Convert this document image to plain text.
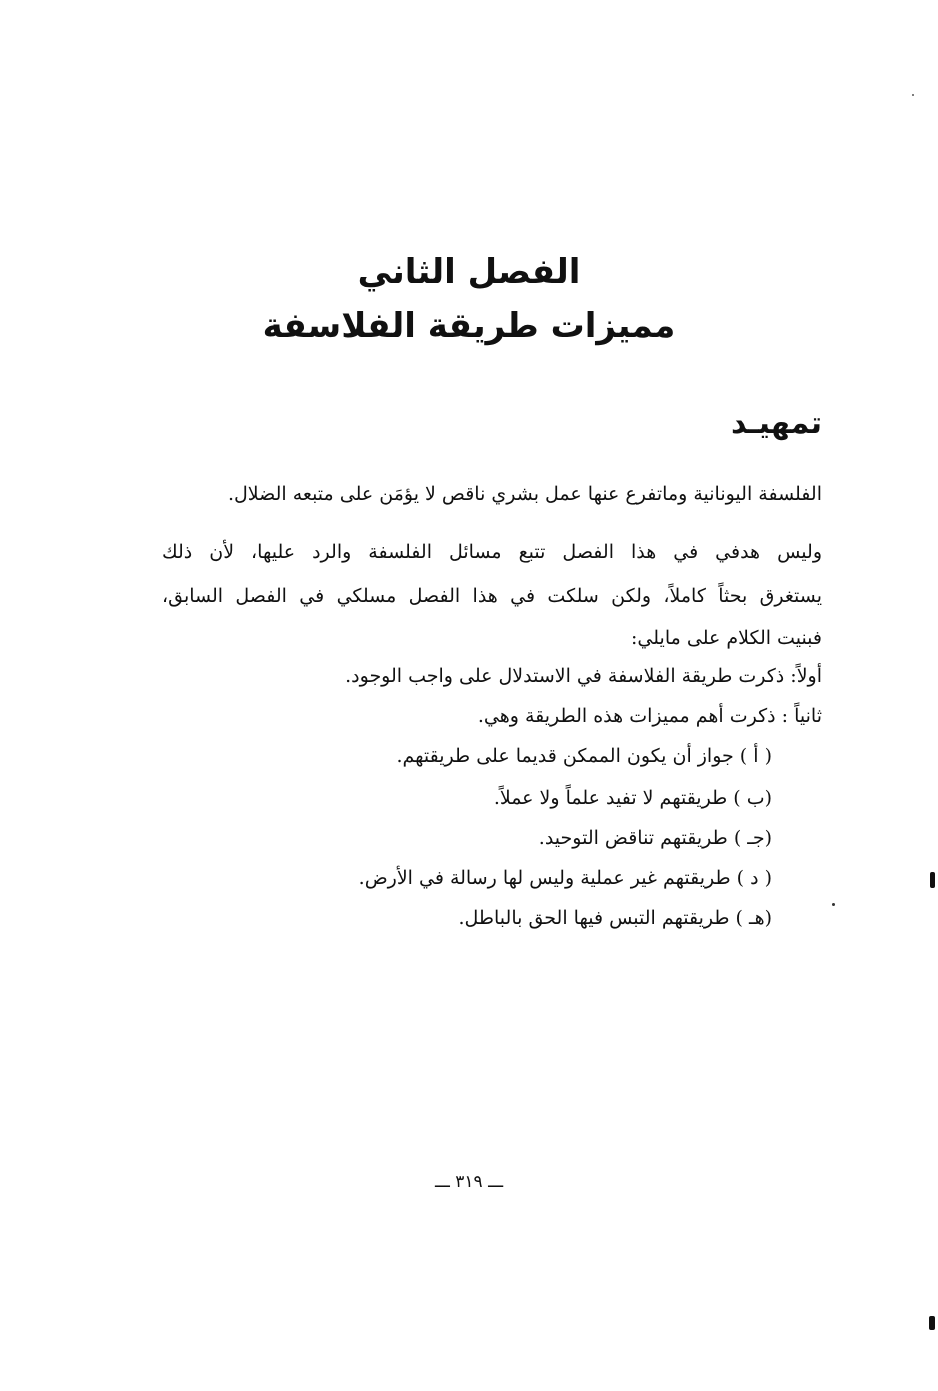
الفصل الثاني
مميزات طريقة الفلاسفة
تمهيـد
الفلسفة اليونانية وماتفرع عنها عمل بشري ناقص لا يؤمَن على متبعه الضلال.
وليس هدفي في هذا الفصل تتبع مسائل الفلسفة والرد عليها، لأن ذلك
يستغرق بحثاً كاملاً، ولكن سلكت في هذا الفصل مسلكي في الفصل السابق،
فبنيت الكلام على مايلي:
أولاً: ذكرت طريقة الفلاسفة في الاستدلال على واجب الوجود.
ثانياً : ذكرت أهم مميزات هذه الطريقة وهي.
( أ ) جواز أن يكون الممكن قديما على طريقتهم.
(ب ) طريقتهم لا تفيد علماً ولا عملاً.
(جـ ) طريقتهم تناقض التوحيد.
( د ) طريقتهم غير عملية وليس لها رسالة في الأرض.
(هـ ) طريقتهم التبس فيها الحق بالباطل.
ـــ ٣١٩ ـــ
